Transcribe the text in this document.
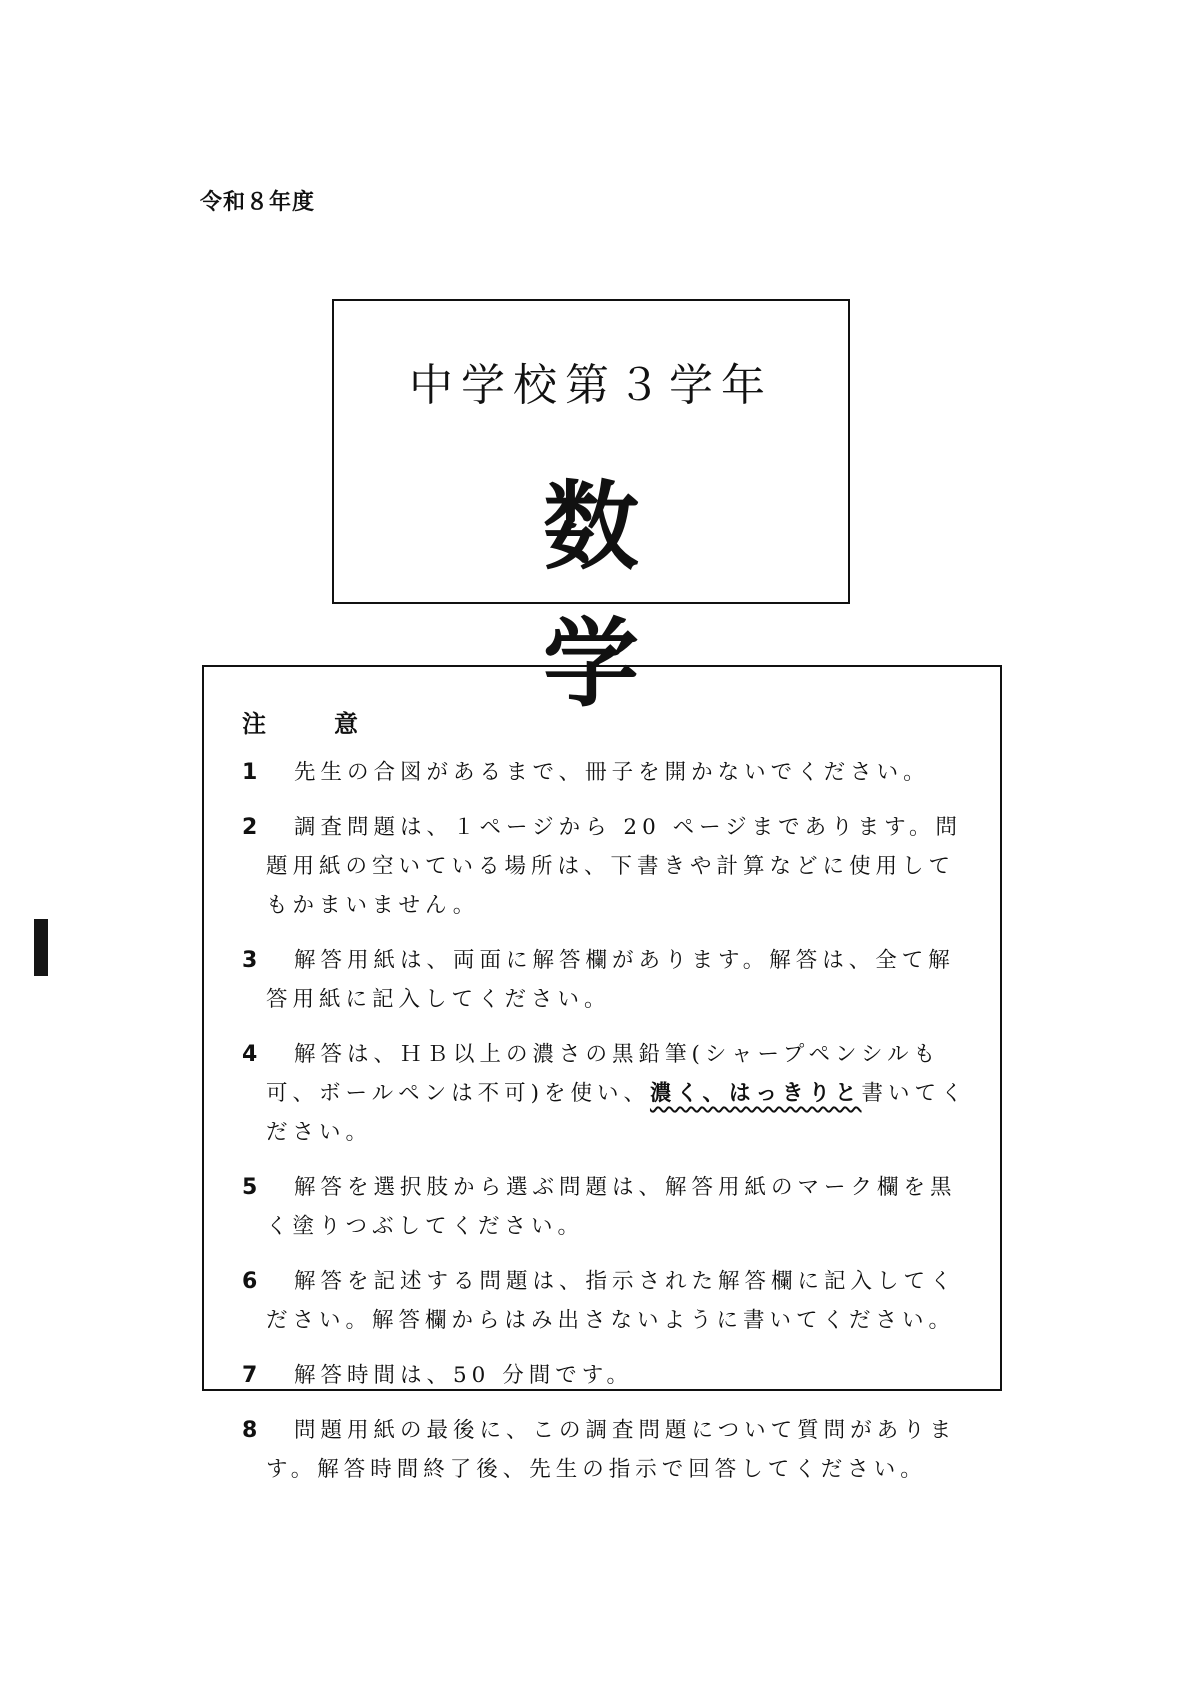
令和８年度
中学校第３学年
数　学
注　意
1	先生の合図があるまで、冊子を開かないでください。
2	調査問題は、１ページから 20 ページまであります。問題用紙の空いている場所は、下書きや計算などに使用してもかまいません。
3	解答用紙は、両面に解答欄があります。解答は、全て解答用紙に記入してください。
4	解答は、ＨＢ以上の濃さの黒鉛筆(シャープペンシルも可、ボールペンは不可)を使い、濃く、はっきりと書いてください。
5	解答を選択肢から選ぶ問題は、解答用紙のマーク欄を黒く塗りつぶしてください。
6	解答を記述する問題は、指示された解答欄に記入してください。解答欄からはみ出さないように書いてください。
7	解答時間は、50 分間です。
8	問題用紙の最後に、この調査問題について質問があります。解答時間終了後、先生の指示で回答してください。
